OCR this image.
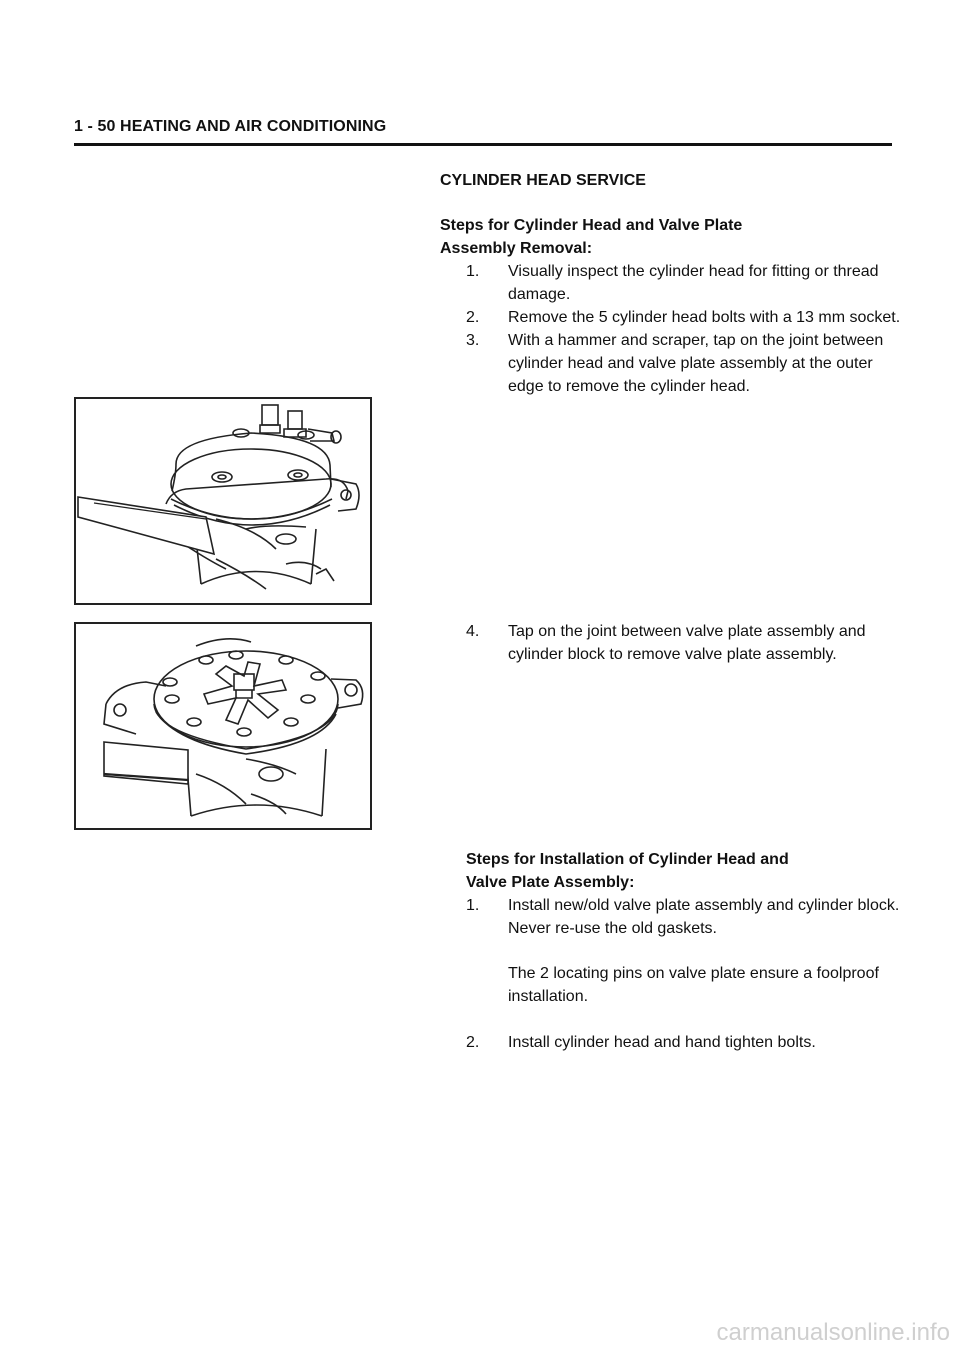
1 - 50 HEATING AND AIR CONDITIONING
CYLINDER HEAD SERVICE
Steps for Cylinder Head and Valve Plate
Assembly Removal:
1.	Visually inspect the cylinder head for fitting or thread
damage.
2.	Remove the 5 cylinder head bolts with a 13 mm socket.
3.	With a hammer and scraper, tap on the joint between
cylinder head and valve plate assembly at the outer
edge to remove the cylinder head.
4.	Tap on the joint between valve plate assembly and
cylinder block to remove valve plate assembly.
Steps for Installation of Cylinder Head and
Valve Plate Assembly:
1.	Install new/old valve plate assembly and cylinder block.
Never re-use the old gaskets.
The 2 locating pins on valve plate ensure a foolproof
installation.
2.	Install cylinder head and hand tighten bolts.
carmanualsonline.info
